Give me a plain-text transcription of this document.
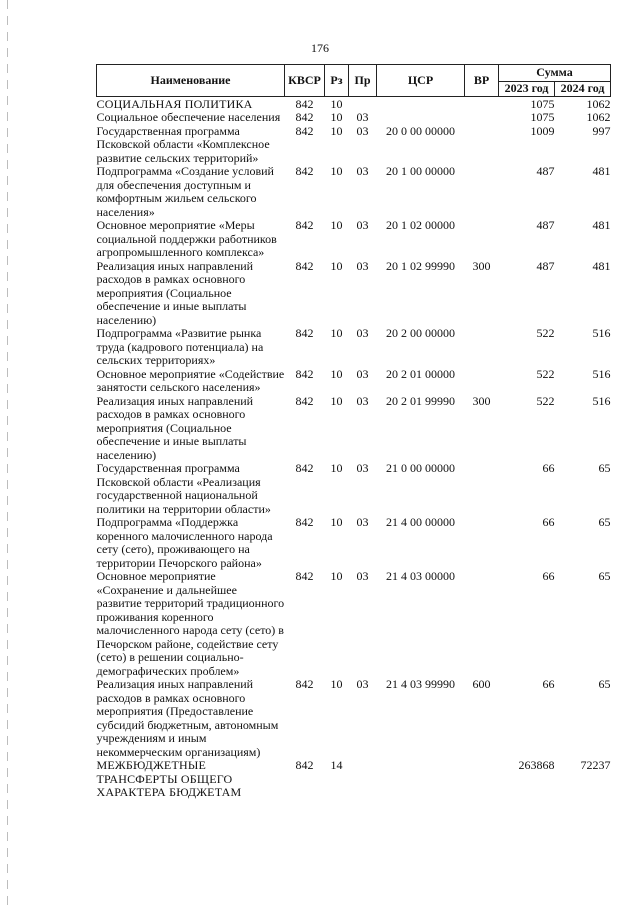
176
Наименование	КВСР	Рз	Пр	ЦСР	ВР	Сумма	
						2023 год	2024 год
СОЦИАЛЬНАЯ ПОЛИТИКА	842	10				1075	1062
Социальное обеспечение населения	842	10	03			1075	1062
Государственная программа Псковской области «Комплексное развитие сельских территорий»	842	10	03	20 0 00 00000		1009	997
Подпрограмма «Создание условий для обеспечения доступным и комфортным жильем сельского населения»	842	10	03	20 1 00 00000		487	481
Основное мероприятие «Меры социальной поддержки работников агропромышленного комплекса»	842	10	03	20 1 02 00000		487	481
Реализация иных направлений расходов в рамках основного мероприятия (Социальное обеспечение и иные выплаты населению)	842	10	03	20 1 02 99990	300	487	481
Подпрограмма «Развитие рынка труда (кадрового потенциала) на сельских территориях»	842	10	03	20 2 00 00000		522	516
Основное мероприятие «Содействие занятости сельского населения»	842	10	03	20 2 01 00000		522	516
Реализация иных направлений расходов в рамках основного мероприятия (Социальное обеспечение и иные выплаты населению)	842	10	03	20 2 01 99990	300	522	516
Государственная программа Псковской области «Реализация государственной национальной политики на территории области»	842	10	03	21 0 00 00000		66	65
Подпрограмма «Поддержка коренного малочисленного народа сету (сето), проживающего на территории Печорского района»	842	10	03	21 4 00 00000		66	65
Основное мероприятие «Сохранение и дальнейшее развитие территорий традиционного проживания коренного малочисленного народа сету (сето) в Печорском районе, содействие сету (сето) в решении социально-демографических проблем»	842	10	03	21 4 03 00000		66	65
Реализация иных направлений расходов в рамках основного мероприятия (Предоставление субсидий бюджетным, автономным учреждениям и иным некоммерческим организациям)	842	10	03	21 4 03 99990	600	66	65
МЕЖБЮДЖЕТНЫЕ ТРАНСФЕРТЫ ОБЩЕГО ХАРАКТЕРА БЮДЖЕТАМ	842	14				263868	72237
